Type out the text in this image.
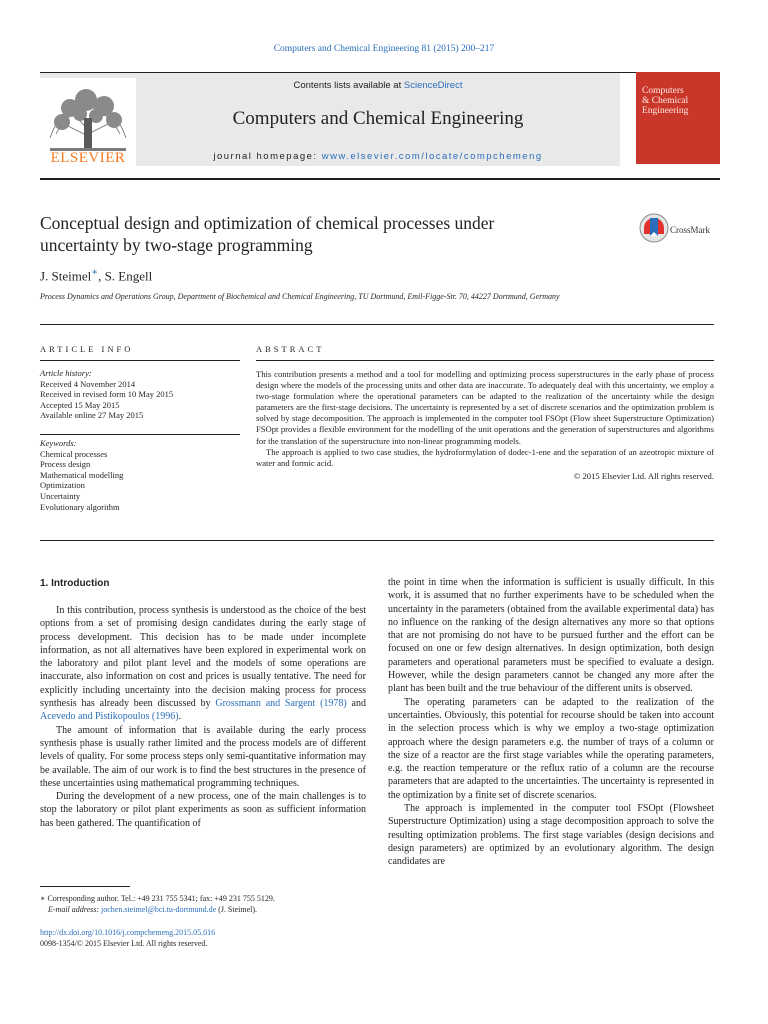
Computers and Chemical Engineering 81 (2015) 200–217
ELSEVIER
Contents lists available at ScienceDirect
Computers and Chemical Engineering
journal homepage: www.elsevier.com/locate/compchemeng
Computers
& Chemical
Engineering
Conceptual design and optimization of chemical processes under
uncertainty by two-stage programming
CrossMark
J. Steimel∗, S. Engell
Process Dynamics and Operations Group, Department of Biochemical and Chemical Engineering, TU Dortmund, Emil-Figge-Str. 70, 44227 Dortmund, Germany
ARTICLE INFO
Article history:
Received 4 November 2014
Received in revised form 10 May 2015
Accepted 15 May 2015
Available online 27 May 2015
Keywords:
Chemical processes
Process design
Mathematical modelling
Optimization
Uncertainty
Evolutionary algorithm
ABSTRACT

This contribution presents a method and a tool for modelling and optimizing process superstructures in the early phase of process design where the models of the processing units and other data are inaccurate. To adequately deal with this uncertainty, we employ a two-stage formulation where the operational parameters can be adapted to the realization of the uncertainty while the design parameters are the first-stage decisions. The uncertainty is represented by a set of discrete scenarios and the optimization problem is solved by stage decomposition. The approach is implemented in the computer tool FSOpt (Flow sheet Superstructure Optimization) FSOpt provides a flexible environment for the modelling of the unit operations and the generation of superstructures and algorithms for the translation of the superstructure into non-linear programming models.

The approach is applied to two case studies, the hydroformylation of dodec-1-ene and the separation of an azeotropic mixture of water and formic acid.

© 2015 Elsevier Ltd. All rights reserved.

1. Introduction

In this contribution, process synthesis is understood as the choice of the best options from a set of promising design candidates during the early stage of process development. This decision has to be made under incomplete information, as not all alternatives have been explored in experimental work on the laboratory and pilot plant level and the models of some operations are inaccurate, also information on cost and prices is usually tentative. The need for explicitly including uncertainty into the decision making process for process synthesis has already been discussed by Grossmann and Sargent (1978) and Acevedo and Pistikopoulos (1996).

The amount of information that is available during the early process synthesis phase is usually rather limited and the process models are of different levels of quality. For some process steps only semi-quantitative information may be available. The aim of our work is to find the best structures in the presence of these uncertainties using mathematical programming techniques.

During the development of a new process, one of the main challenges is to stop the laboratory or pilot plant experiments as soon as sufficient information has been gathered. The quantification of

the point in time when the information is sufficient is usually difficult. In this work, it is assumed that no further experiments have to be scheduled when the uncertainty in the parameters (obtained from the available experimental data) has no influence on the ranking of the design alternatives any more so that options that are not promising do not have to be pursued further and the effort can be focused on one or few design alternatives. In design optimization, both design parameters and operational parameters must be specified to evaluate a design. However, while the design parameters cannot be changed any more after the plant has been built and the true behaviour of the different units is observed.

The operating parameters can be adapted to the realization of the uncertainties. Obviously, this potential for recourse should be taken into account in the selection process which is why we employ a two-stage optimization approach where the design parameters e.g. the number of trays of a column or the size of a reactor are the first stage variables while the operating parameters, e.g. the reaction temperature or the reflux ratio of a column are the recourse parameters that are adapted to the uncertainties. The uncertainty is represented in the optimization by a finite set of discrete scenarios.

The approach is implemented in the computer tool FSOpt (Flowsheet Superstructure Optimization) using a stage decomposition approach to solve the resulting optimization problems. The first stage variables (design decisions and design parameters) are optimized by an evolutionary algorithm. The design candidates are

∗ Corresponding author. Tel.: +49 231 755 5341; fax: +49 231 755 5129.
E-mail address: jochen.steimel@bci.tu-dortmund.de (J. Steimel).
http://dx.doi.org/10.1016/j.compchemeng.2015.05.016
0098-1354/© 2015 Elsevier Ltd. All rights reserved.
